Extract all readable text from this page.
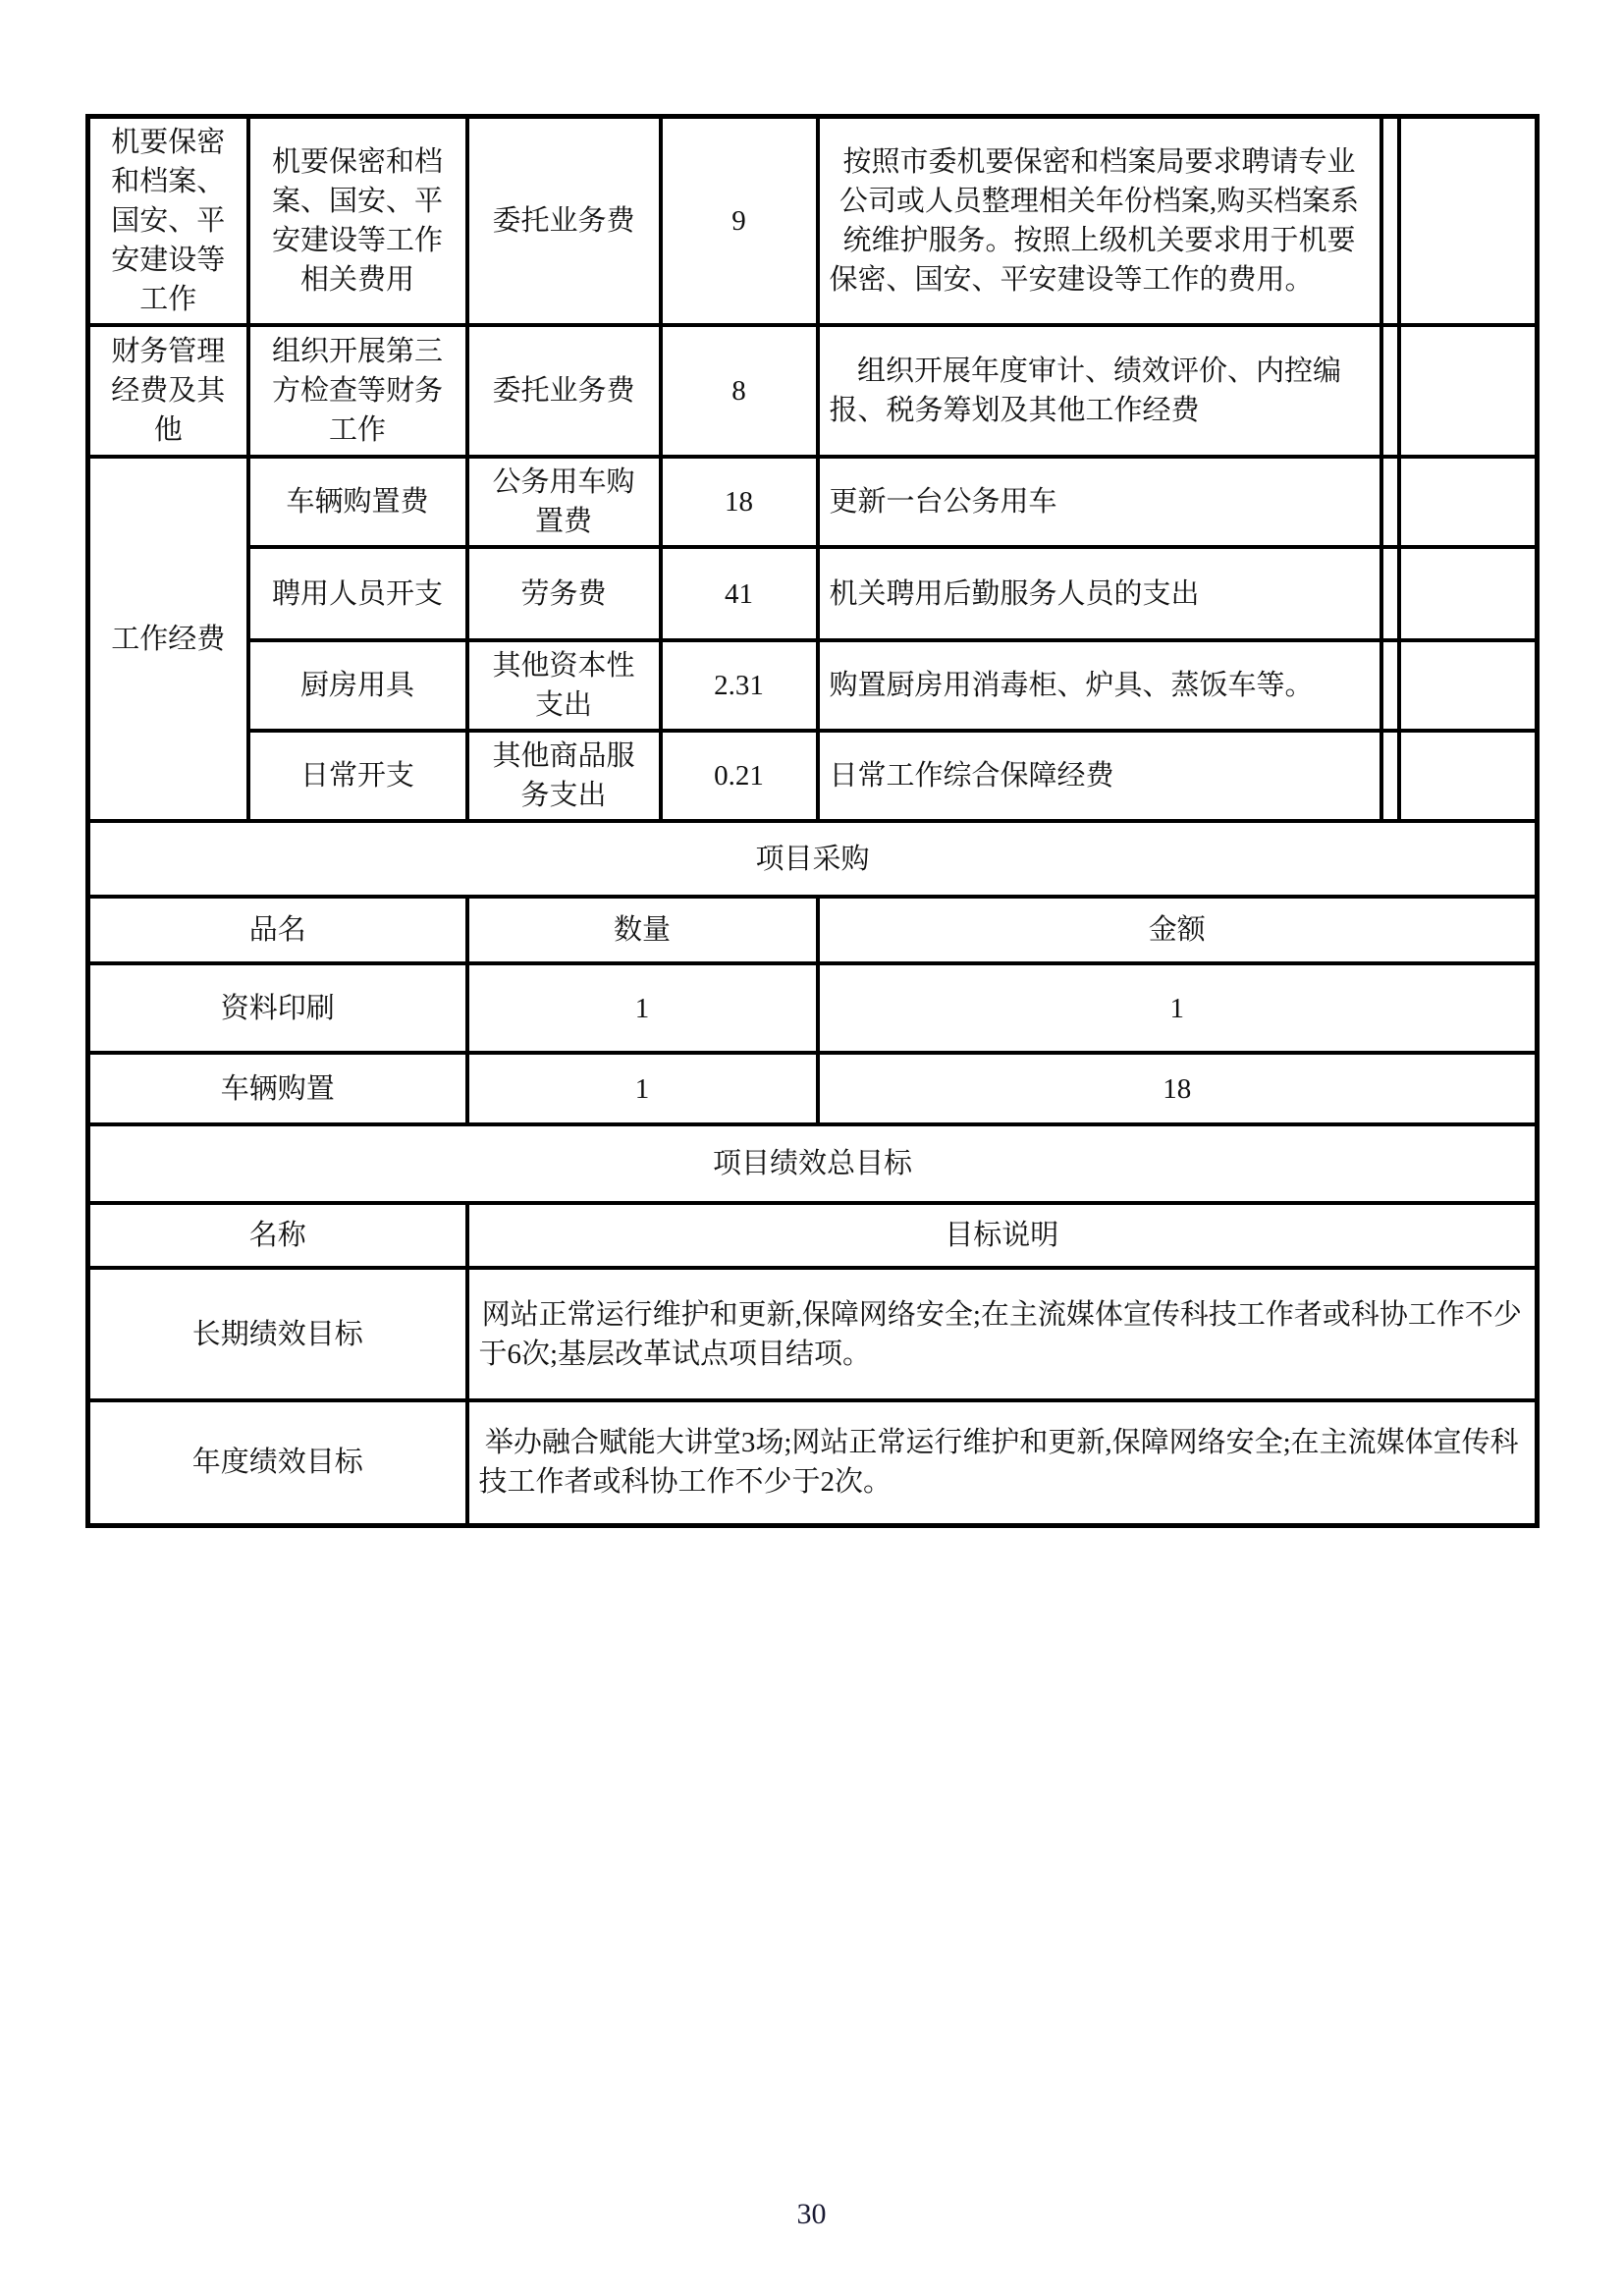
机要保密和档案、国安、平安建设等工作	机要保密和档案、国安、平安建设等工作相关费用	委托业务费	9	按照市委机要保密和档案局要求聘请专业公司或人员整理相关年份档案,购买档案系统维护服务。按照上级机关要求用于机要保密、国安、平安建设等工作的费用。		
财务管理经费及其他	组织开展第三方检查等财务工作	委托业务费	8	组织开展年度审计、绩效评价、内控编报、税务筹划及其他工作经费		
工作经费	车辆购置费	公务用车购置费	18	更新一台公务用车		
	聘用人员开支	劳务费	41	机关聘用后勤服务人员的支出		
	厨房用具	其他资本性支出	2.31	购置厨房用消毒柜、炉具、蒸饭车等。		
	日常开支	其他商品服务支出	0.21	日常工作综合保障经费		
项目采购						
品名		数量		金额		
资料印刷		1		1		
车辆购置		1		18		
项目绩效总目标						
名称		目标说明				
长期绩效目标		网站正常运行维护和更新,保障网络安全;在主流媒体宣传科技工作者或科协工作不少于6次;基层改革试点项目结项。				
年度绩效目标		举办融合赋能大讲堂3场;网站正常运行维护和更新,保障网络安全;在主流媒体宣传科技工作者或科协工作不少于2次。				
30
